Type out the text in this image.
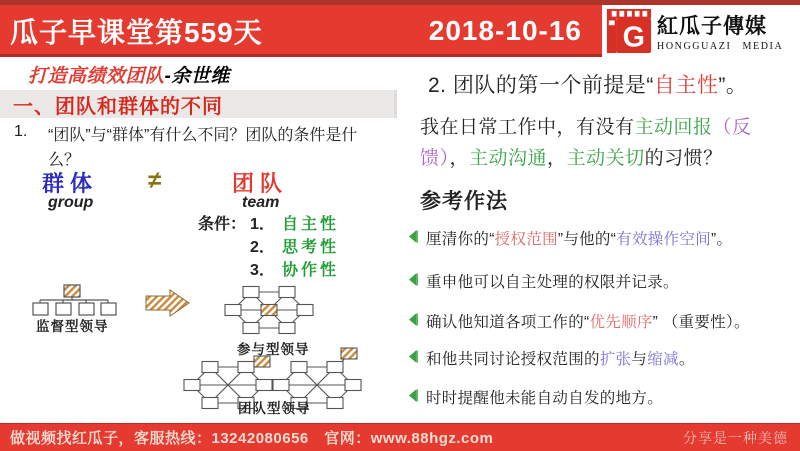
瓜子早课堂第559天	2018-10-16 G 紅瓜子傳媒
HONGGUAZI MEDIA
打造高绩效团队-余世维
一、团队和群体的不同
1.	“团队”与“群体”有什么不同？团队的条件是什么？
群体
group
≠	团队
team
条件： 1． 自主性
2． 思考性
3． 协作性
监督型领导
参与型领导
团队型领导
2. 团队的第一个前提是“自主性”。
我在日常工作中，有没有主动回报（反馈），主动沟通，主动关切的习惯？
参考作法
厘清你的“授权范围”与他的“有效操作空间”。
重申他可以自主处理的权限并记录。
确认他知道各项工作的“优先顺序” （重要性）。
和他共同讨论授权范围的扩张与缩减。
时时提醒他未能自动自发的地方。
做视频找红瓜子，客服热线：13242080656　官网：www.88hgz.com	分享是一种美德
